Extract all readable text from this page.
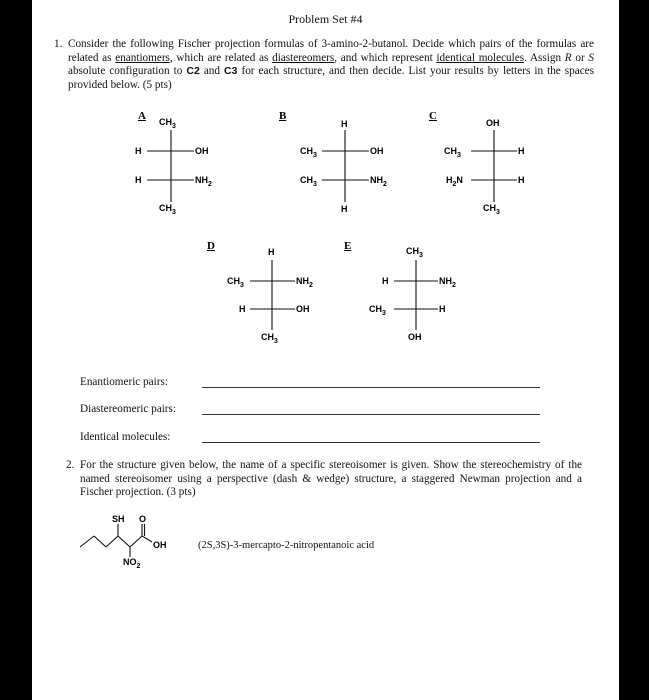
Problem Set #4
1. Consider the following Fischer projection formulas of 3-amino-2-butanol. Decide which pairs of the formulas are related as enantiomers, which are related as diastereomers, and which represent identical molecules. Assign R or S absolute configuration to C2 and C3 for each structure, and then decide. List your results by letters in the spaces provided below. (5 pts)
A $CH_3$
H	OH
H	$NH_2$
$CH_3$
B
H
$CH_3$	OH
$CH_3$	$NH_2$
H
C
OH
$CH_3$	H
$H_2N$	H
$CH_3$
D	H
$CH_3$	$NH_2$
H	OH
$CH_3$
E	$CH_3$
H	$NH_2$
$CH_3$	H
OH
Enantiomeric pairs:
Diastereomeric pairs:
Identical molecules:
2. For the structure given below, the name of a specific stereoisomer is given. Show the stereochemistry of the named stereoisomer using a perspective (dash & wedge) structure, a staggered Newman projection and a Fischer projection. (3 pts)
SH O
OH
$NO_2$
(2S,3S)-3-mercapto-2-nitropentanoic acid
